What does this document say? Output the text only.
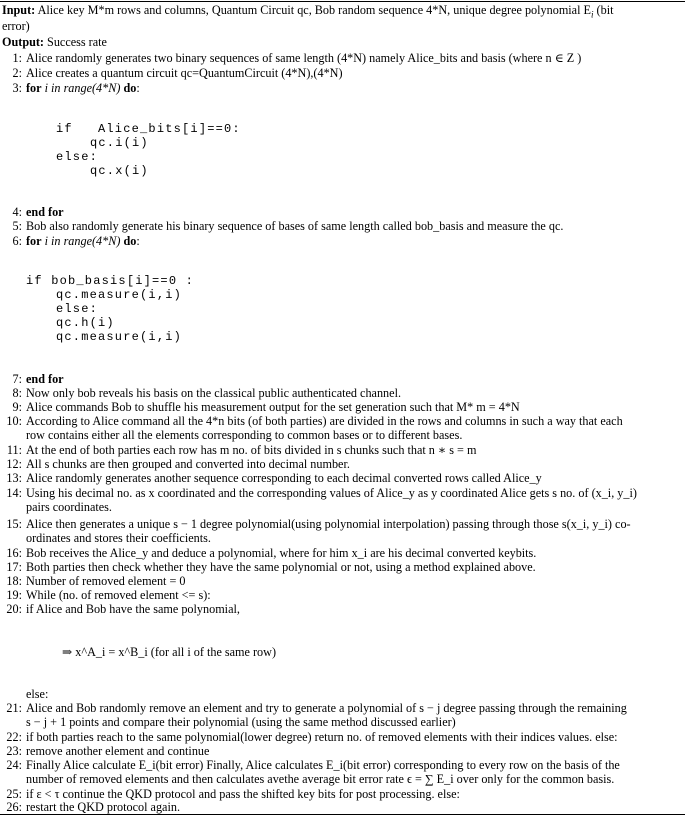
Input: Alice key M*m rows and columns, Quantum Circuit qc, Bob random sequence 4*N, unique degree polynomial $E_i$ (bit
error)
Output: Success rate
1: Alice randomly generates two binary sequences of same length (4*N) namely Alice_bits and basis (where n ∈ Z )
2: Alice creates a quantum circuit qc=QuantumCircuit (4*N),(4*N)
3: for i in range(4*N) do:
if   Alice_bits[i]==0:
qc.i(i)
else:
qc.x(i)
4: end for
5: Bob also randomly generate his binary sequence of bases of same length called bob_basis and measure the qc.
6: for i in range(4*N) do:
if bob_basis[i]==0 :
qc.measure(i,i)
else:
qc.h(i)
qc.measure(i,i)
7: end for
8: Now only bob reveals his basis on the classical public authenticated channel.
9: Alice commands Bob to shuffle his measurement output for the set generation such that M* m = 4*N
10: According to Alice command all the 4*n bits (of both parties) are divided in the rows and columns in such a way that each
row contains either all the elements corresponding to common bases or to different bases.
11: At the end of both parties each row has m no. of bits divided in s chunks such that n ∗ s = m
12: All s chunks are then grouped and converted into decimal number.
13: Alice randomly generates another sequence corresponding to each decimal converted rows called Alice_y
14: Using his decimal no. as x coordinated and the corresponding values of Alice_y as y coordinated Alice gets s no. of (x_i, y_i)
pairs coordinates.
15: Alice then generates a unique s − 1 degree polynomial(using polynomial interpolation) passing through those s(x_i, y_i) co-
ordinates and stores their coefficients.
16: Bob receives the Alice_y and deduce a polynomial, where for him x_i are his decimal converted keybits.
17: Both parties then check whether they have the same polynomial or not, using a method explained above.
18: Number of removed element = 0
19: While (no. of removed element <= s):
20: if Alice and Bob have the same polynomial,
⇒ x^A_i = x^B_i (for all i of the same row)
else:
21: Alice and Bob randomly remove an element and try to generate a polynomial of s − j degree passing through the remaining
s − j + 1 points and compare their polynomial (using the same method discussed earlier)
22: if both parties reach to the same polynomial(lower degree) return no. of removed elements with their indices values. else:
23: remove another element and continue
24: Finally Alice calculate E_i(bit error) Finally, Alice calculates E_i(bit error) corresponding to every row on the basis of the
number of removed elements and then calculates avethe average bit error rate ϵ = ∑ E_i over only for the common basis.
25: if ε < τ continue the QKD protocol and pass the shifted key bits for post processing. else:
26: restart the QKD protocol again.
